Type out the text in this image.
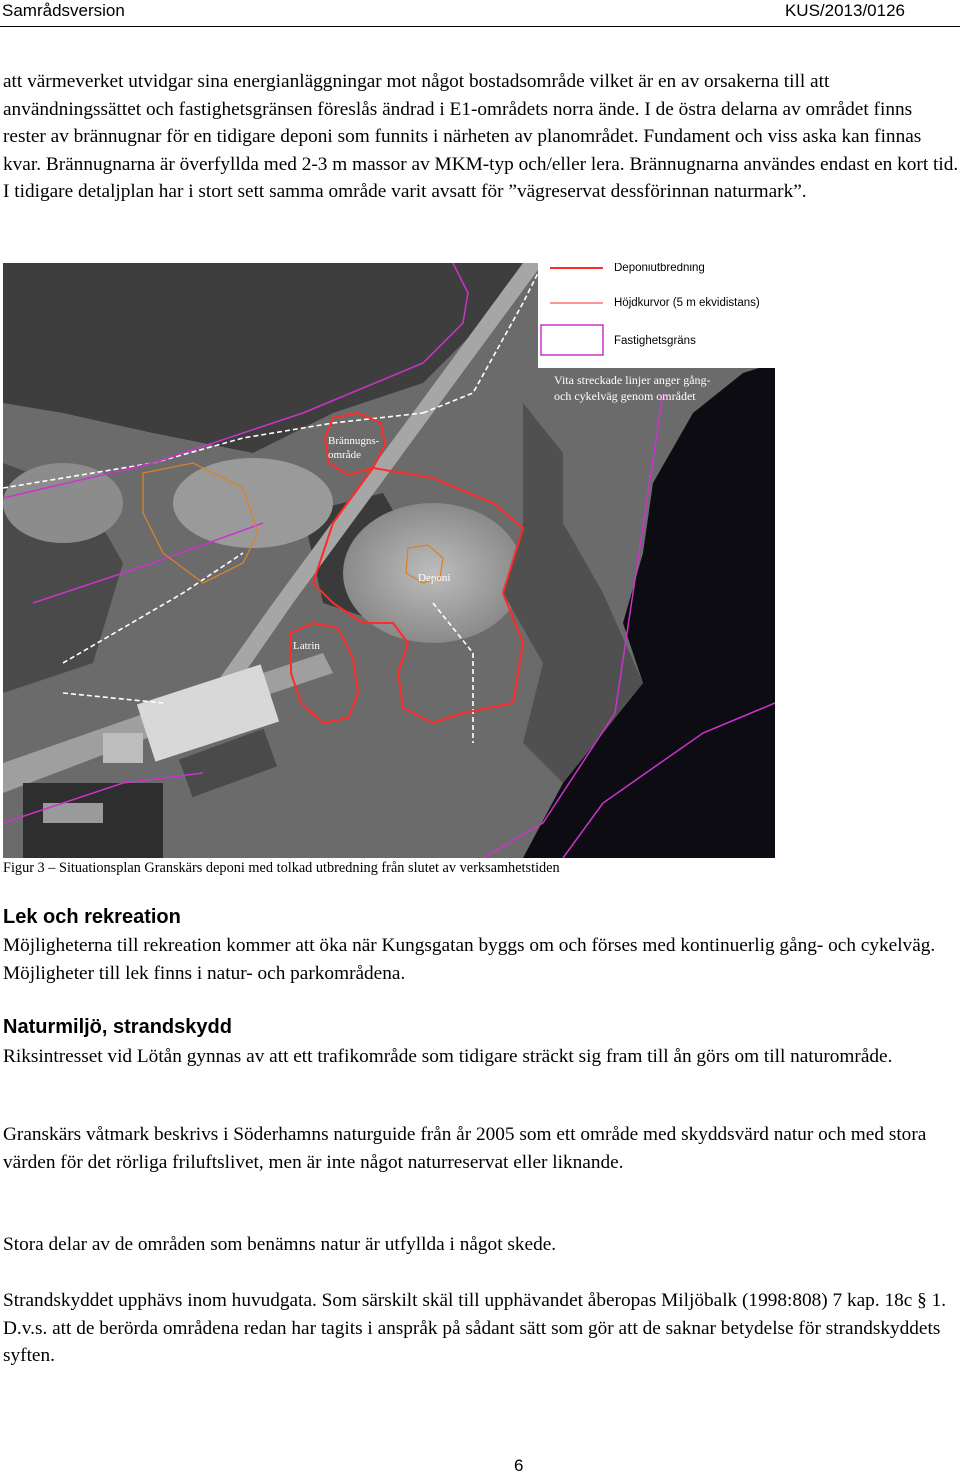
Samrådsversion	KUS/2013/0126

att värmeverket utvidgar sina energianläggningar mot något bostadsområde vilket är en av orsakerna till att användningssättet och fastighetsgränsen föreslås ändrad i E1-områdets norra ände. I de östra delarna av området finns rester av brännugnar för en tidigare deponi som funnits i närheten av planområdet. Fundament och viss aska kan finnas kvar. Brännugnarna är överfyllda med 2-3 m massor av MKM-typ och/eller lera. Brännugnarna användes endast en kort tid. I tidigare detaljplan har i stort sett samma område varit avsatt för ”vägreservat dessförinnan naturmark”.

Deponiutbredning
Höjdkurvor (5 m ekvidistans)
Fastighetsgräns
Vita streckade linjer anger gång-
och cykelväg genom området
Brännugns-
område
Deponi
Latrin
Figur 3 – Situationsplan Granskärs deponi med tolkad utbredning från slutet av verksamhetstiden
Lek och rekreation

Möjligheterna till rekreation kommer att öka när Kungsgatan byggs om och förses med kontinuerlig gång- och cykelväg. Möjligheter till lek finns i natur- och parkområdena.

Naturmiljö, strandskydd

Riksintresset vid Lötån gynnas av att ett trafikområde som tidigare sträckt sig fram till ån görs om till naturområde.

Granskärs våtmark beskrivs i Söderhamns naturguide från år 2005 som ett område med skyddsvärd natur och med stora värden för det rörliga friluftslivet, men är inte något naturreservat eller liknande.

Stora delar av de områden som benämns natur är utfyllda i något skede.

Strandskyddet upphävs inom huvudgata. Som särskilt skäl till upphävandet åberopas Miljöbalk (1998:808) 7 kap. 18c § 1. D.v.s. att de berörda områdena redan har tagits i anspråk på sådant sätt som gör att de saknar betydelse för strandskyddets syften.

6
